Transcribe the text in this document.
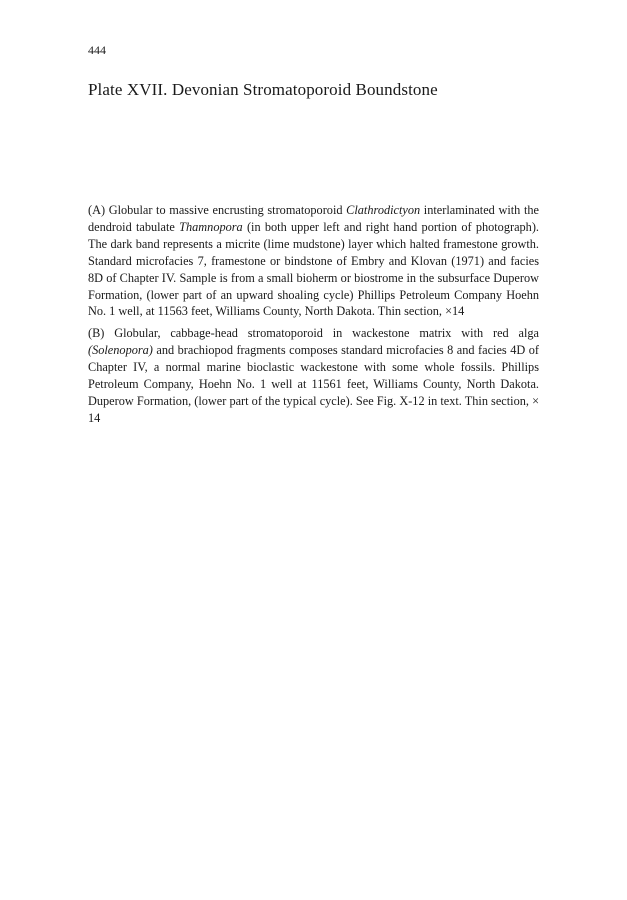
444
Plate XVII. Devonian Stromatoporoid Boundstone

(A) Globular to massive encrusting stromatoporoid Clathrodictyon interlaminated with the dendroid tabulate Thamnopora (in both upper left and right hand portion of photograph). The dark band represents a micrite (lime mudstone) layer which halted framestone growth. Standard microfacies 7, framestone or bindstone of Embry and Klovan (1971) and facies 8D of Chapter IV. Sample is from a small bioherm or biostrome in the subsurface Duperow Formation, (lower part of an upward shoaling cycle) Phillips Petroleum Company Hoehn No. 1 well, at 11563 feet, Williams County, North Dakota. Thin section, ×14

(B) Globular, cabbage-head stromatoporoid in wackestone matrix with red alga (Solenopora) and brachiopod fragments composes standard microfacies 8 and facies 4D of Chapter IV, a normal marine bioclastic wackestone with some whole fossils. Phillips Petroleum Company, Hoehn No. 1 well at 11561 feet, Williams County, North Dakota. Duperow Formation, (lower part of the typical cycle). See Fig. X-12 in text. Thin section, × 14
